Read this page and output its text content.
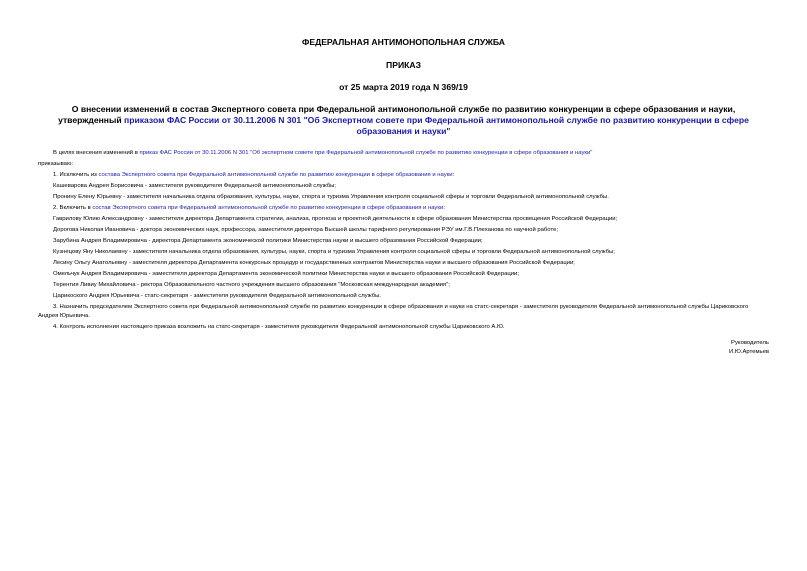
ФЕДЕРАЛЬНАЯ АНТИМОНОПОЛЬНАЯ СЛУЖБА
ПРИКАЗ
от 25 марта 2019 года N 369/19
О внесении изменений в состав Экспертного совета при Федеральной антимонопольной службе по развитию конкуренции в сфере образования и науки, утвержденный приказом ФАС России от 30.11.2006 N 301 "Об Экспертном совете при Федеральной антимонопольной службе по развитию конкуренции в сфере образования и науки"
В целях внесения изменений в приказ ФАС России от 30.11.2006 N 301 "Об экспертном совете при Федеральной антимонопольной службе по развитию конкуренции в сфере образования и науки"
приказываю:
1. Исключить из состава Экспертного совета при Федеральной антимонопольной службе по развитию конкуренции в сфере образования и науки:
Кашеварова Андрея Борисовича - заместителя руководителя Федеральной антимонопольной службы;
Пронину Елену Юрьевну - заместителя начальника отдела образования, культуры, науки, спорта и туризма Управления контроля социальной сферы и торговли Федеральной антимонопольной службы.
2. Включить в состав Экспертного совета при Федеральной антимонопольной службе по развитию конкуренции в сфере образования и науки:
Гаврилову Юлию Александровну - заместителя директора Департамента стратегии, анализа, прогноза и проектной деятельности в сфере образования Министерства просвещения Российской Федерации;
Дорогова Николая Ивановича - доктора экономических наук, профессора, заместителя директора Высшей школы тарифного регулирования РЭУ им.Г.В.Плеханова по научной работе;
Зарубина Андрея Владимировича - директора Департамента экономической политики Министерства науки и высшего образования Российской Федерации;
Кузнецову Яну Николаевну - заместителя начальника отдела образования, культуры, науки, спорта и туризма Управления контроля социальной сферы и торговли Федеральной антимонопольной службы;
Лесину Ольгу Анатольевну - заместителя директора Департамента конкурсных процедур и государственных контрактов Министерства науки и высшего образования Российской Федерации;
Омельчук Андрея Владимировича - заместителя директора Департамента экономической политики Министерства науки и высшего образования Российской Федерации;
Терентия Ливиу Михайловича - ректора Образовательного частного учреждения высшего образования "Московская международная академия";
Царикоского Андрея Юрьевича - статс-секретаря - заместителя руководителя Федеральной антимонопольной службы.
3. Назначить председателем Экспертного совета при Федеральной антимонопольной службе по развитию конкуренции в сфере образования и науки на статс-секретаря - заместителя руководителя Федеральной антимонопольной службы Цариковского Андрея Юрьевича.
4. Контроль исполнения настоящего приказа возложить на статс-секретаря - заместителя руководителя Федеральной антимонопольной службы Цариковского А.Ю.
Руководитель
И.Ю.Артемьев
